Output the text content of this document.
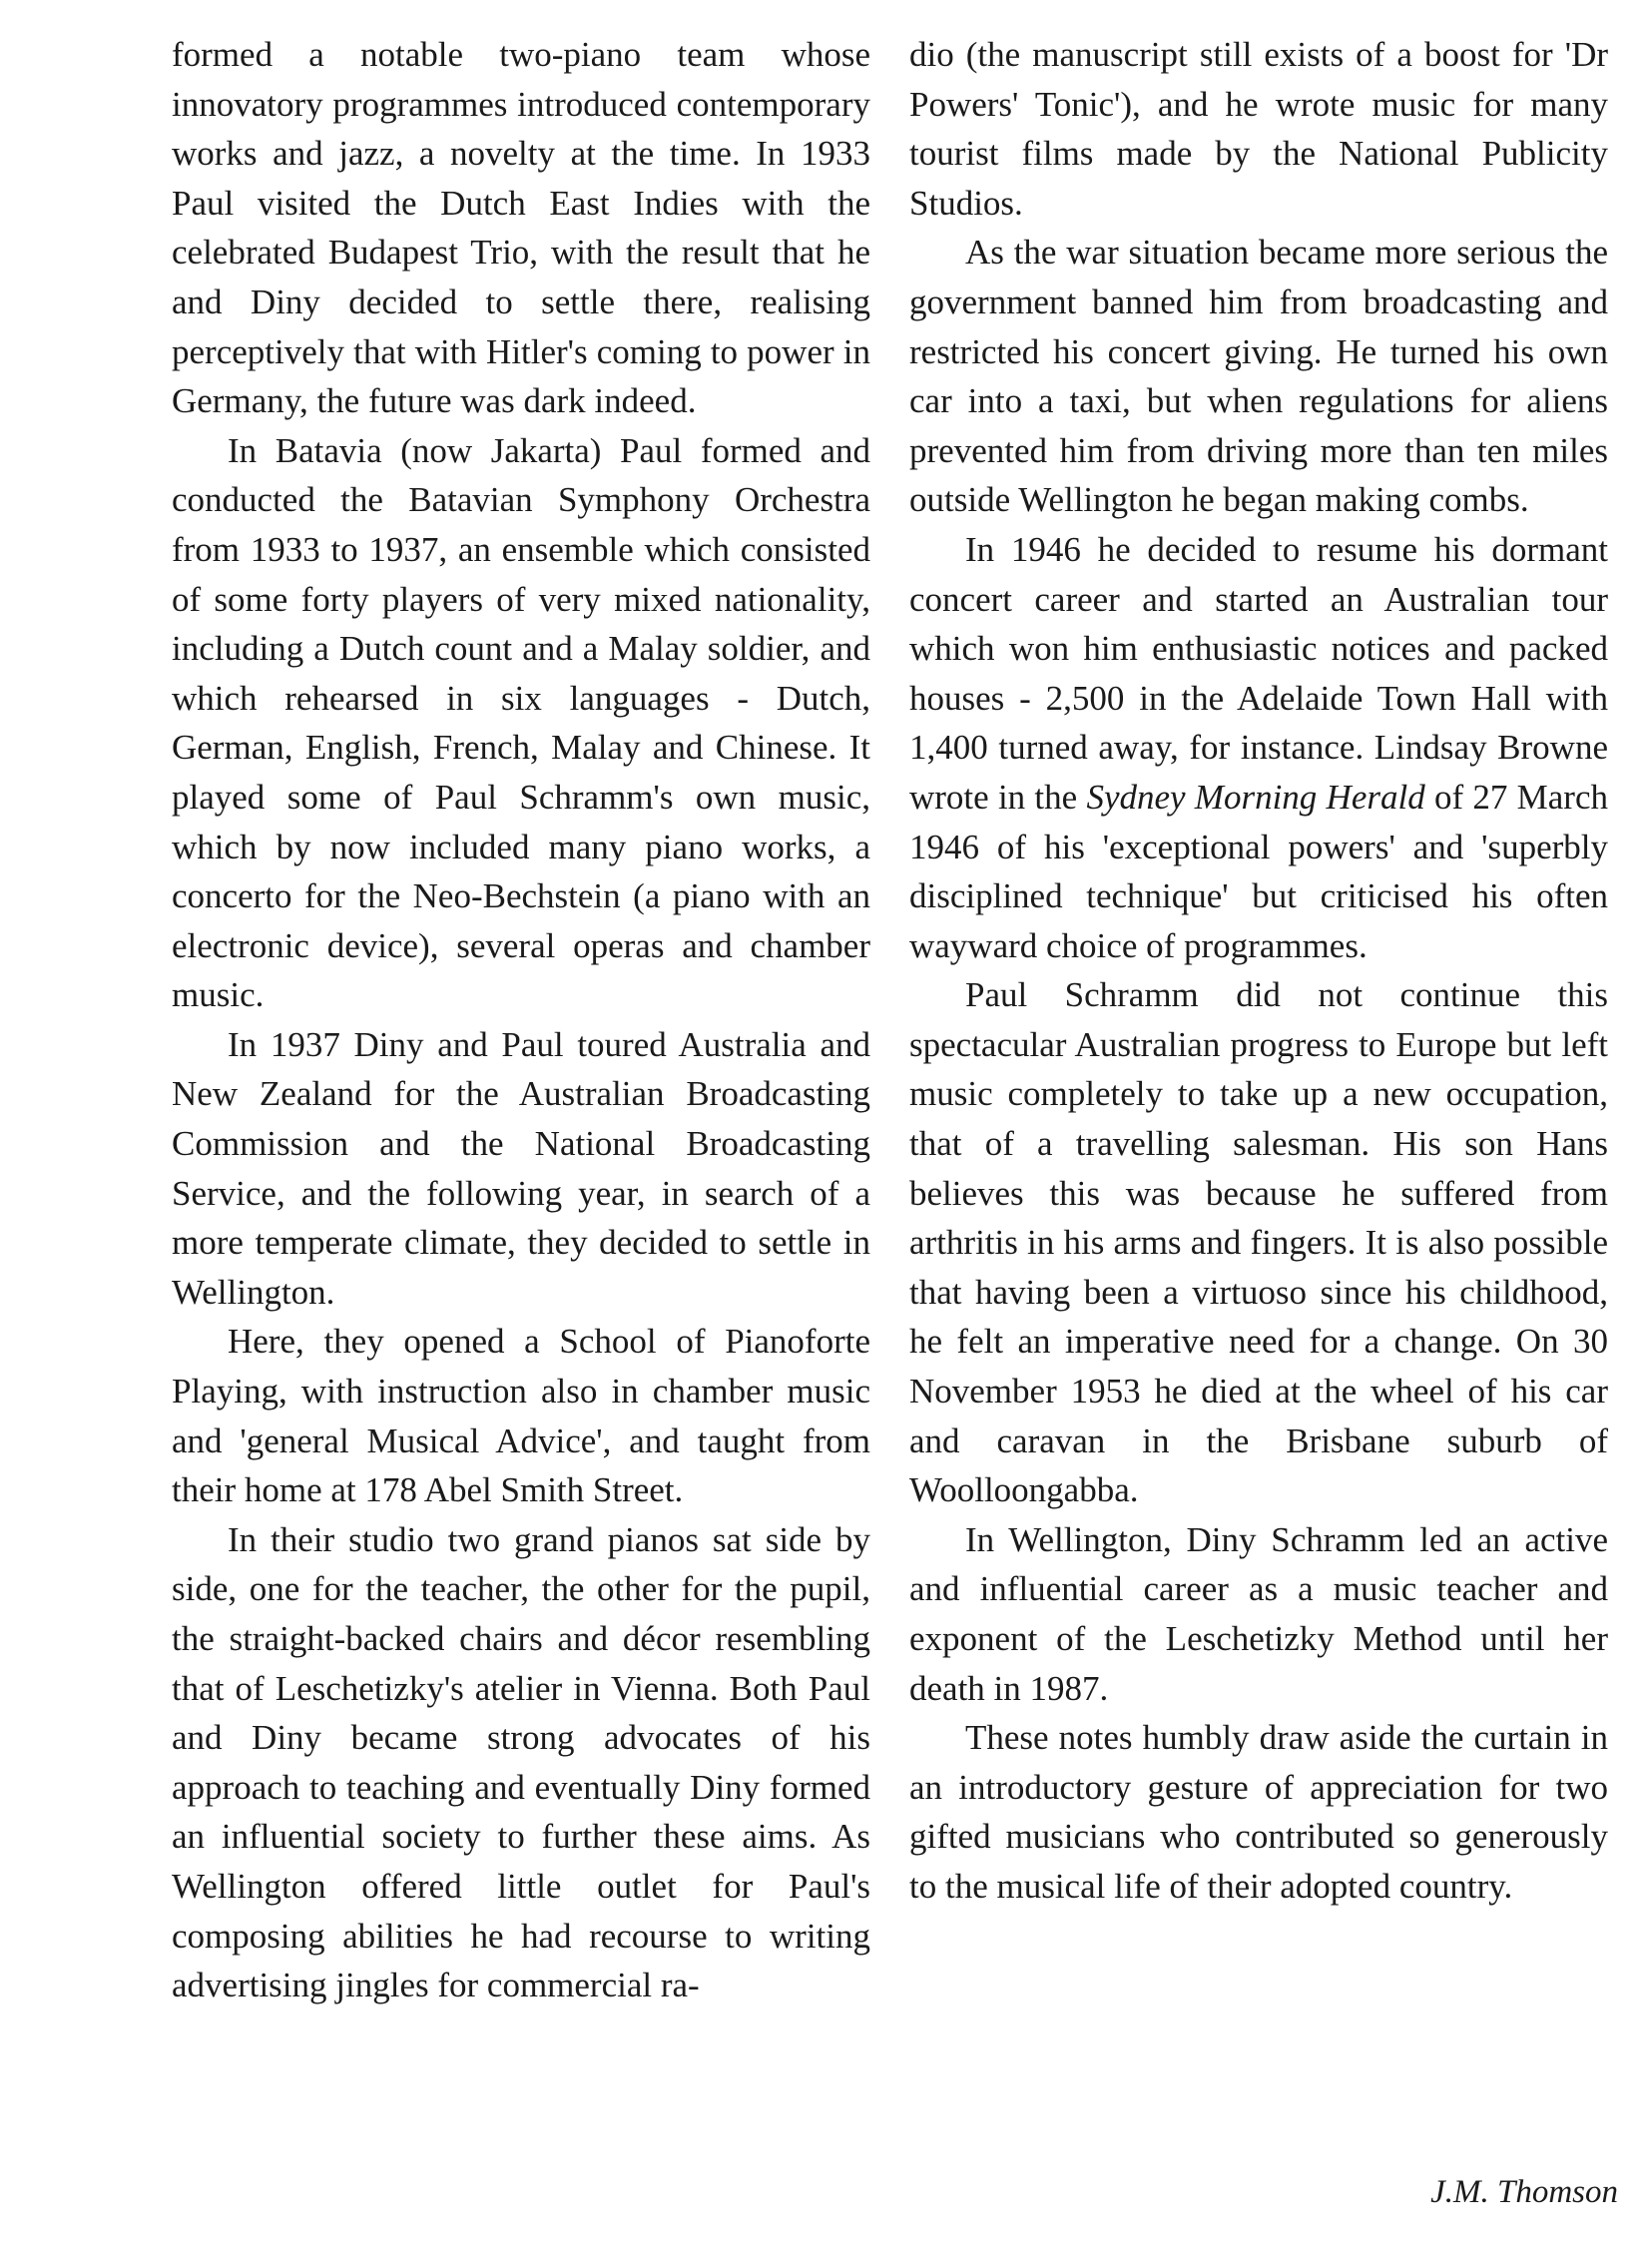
formed a notable two-piano team whose innovatory programmes introduced contemporary works and jazz, a novelty at the time. In 1933 Paul visited the Dutch East Indies with the celebrated Budapest Trio, with the result that he and Diny decided to settle there, realising perceptively that with Hitler's coming to power in Germany, the future was dark indeed.

In Batavia (now Jakarta) Paul formed and conducted the Batavian Symphony Orchestra from 1933 to 1937, an ensemble which consisted of some forty players of very mixed nationality, including a Dutch count and a Malay soldier, and which rehearsed in six languages - Dutch, German, English, French, Malay and Chinese. It played some of Paul Schramm's own music, which by now included many piano works, a concerto for the Neo-Bechstein (a piano with an electronic device), several operas and chamber music.

In 1937 Diny and Paul toured Australia and New Zealand for the Australian Broadcasting Commission and the National Broadcasting Service, and the following year, in search of a more temperate climate, they decided to settle in Wellington.

Here, they opened a School of Pianoforte Playing, with instruction also in chamber music and 'general Musical Advice', and taught from their home at 178 Abel Smith Street.

In their studio two grand pianos sat side by side, one for the teacher, the other for the pupil, the straight-backed chairs and décor resembling that of Leschetizky's atelier in Vienna. Both Paul and Diny became strong advocates of his approach to teaching and eventually Diny formed an influential society to further these aims. As Wellington offered little outlet for Paul's composing abilities he had recourse to writing advertising jingles for commercial ra-

dio (the manuscript still exists of a boost for 'Dr Powers' Tonic'), and he wrote music for many tourist films made by the National Publicity Studios.

As the war situation became more serious the government banned him from broadcasting and restricted his concert giving. He turned his own car into a taxi, but when regulations for aliens prevented him from driving more than ten miles outside Wellington he began making combs.

In 1946 he decided to resume his dormant concert career and started an Australian tour which won him enthusiastic notices and packed houses - 2,500 in the Adelaide Town Hall with 1,400 turned away, for instance. Lindsay Browne wrote in the Sydney Morning Herald of 27 March 1946 of his 'exceptional powers' and 'superbly disciplined technique' but criticised his often wayward choice of programmes.

Paul Schramm did not continue this spectacular Australian progress to Europe but left music completely to take up a new occupation, that of a travelling salesman. His son Hans believes this was because he suffered from arthritis in his arms and fingers. It is also possible that having been a virtuoso since his childhood, he felt an imperative need for a change. On 30 November 1953 he died at the wheel of his car and caravan in the Brisbane suburb of Woolloongabba.

In Wellington, Diny Schramm led an active and influential career as a music teacher and exponent of the Leschetizky Method until her death in 1987.

These notes humbly draw aside the curtain in an introductory gesture of appreciation for two gifted musicians who contributed so generously to the musical life of their adopted country.

J.M. Thomson
